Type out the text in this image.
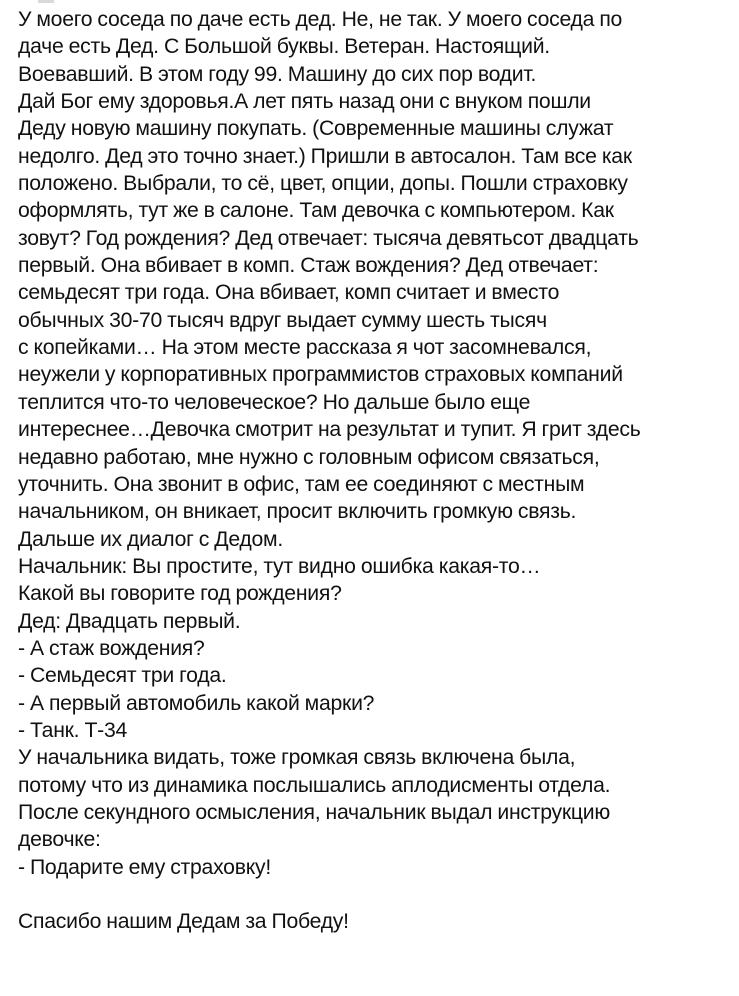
У моего соседа по даче есть дед. Не, не так. У моего соседа по
даче есть Дед. С Большой буквы. Ветеран. Настоящий.
Воевавший. В этом году 99. Машину до сих пор водит.
Дай Бог ему здоровья.А лет пять назад они с внуком пошли
Деду новую машину покупать. (Современные машины служат
недолго. Дед это точно знает.) Пришли в автосалон. Там все как
положено. Выбрали, то сё, цвет, опции, допы. Пошли страховку
оформлять, тут же в салоне. Там девочка с компьютером. Как
зовут? Год рождения? Дед отвечает: тысяча девятьсот двадцать
первый. Она вбивает в комп. Стаж вождения? Дед отвечает:
семьдесят три года. Она вбивает, комп считает и вместо
обычных 30-70 тысяч вдруг выдает сумму шесть тысяч
с копейками… На этом месте рассказа я чот засомневался,
неужели у корпоративных программистов страховых компаний
теплится что-то человеческое? Но дальше было еще
интереснее…Девочка смотрит на результат и тупит. Я грит здесь
недавно работаю, мне нужно с головным офисом связаться,
уточнить. Она звонит в офис, там ее соединяют с местным
начальником, он вникает, просит включить громкую связь.
Дальше их диалог с Дедом.
Начальник: Вы простите, тут видно ошибка какая-то…
Какой вы говорите год рождения?
Дед: Двадцать первый.
- А стаж вождения?
- Семьдесят три года.
- А первый автомобиль какой марки?
- Танк. Т-34
У начальника видать, тоже громкая связь включена была,
потому что из динамика послышались аплодисменты отдела.
После секундного осмысления, начальник выдал инструкцию
девочке:
- Подарите ему страховку!
Спасибо нашим Дедам за Победу!
